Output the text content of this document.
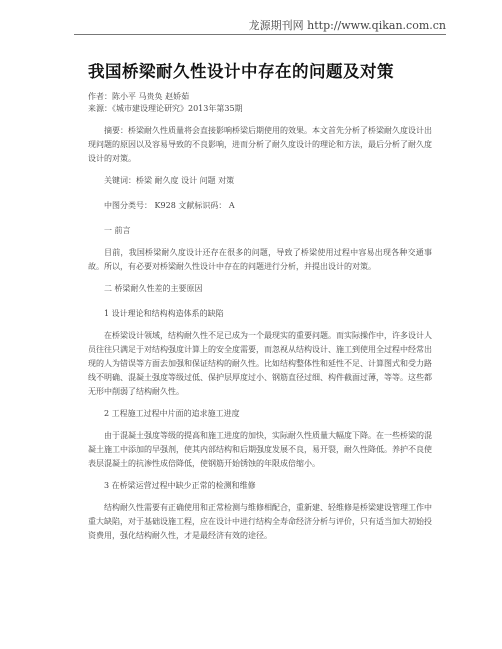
龙源期刊网 http://www.qikan.com.cn
我国桥梁耐久性设计中存在的问题及对策
作者：陈小平 马贵奂 赵娇茹
来源：《城市建设理论研究》2013年第35期

摘要：桥梁耐久性质量将会直接影响桥梁后期使用的效果。本文首先分析了桥梁耐久度设计出现问题的原因以及容易导致的不良影响，进而分析了耐久度设计的理论和方法，最后分析了耐久度设计的对策。

关键词：桥梁 耐久度 设计 问题 对策
中图分类号： K928 文献标识码： A
一 前言

目前，我国桥梁耐久度设计还存在很多的问题，导致了桥梁使用过程中容易出现各种交通事故。所以，有必要对桥梁耐久性设计中存在的问题进行分析，并提出设计的对策。

二 桥梁耐久性差的主要原因
1 设计理论和结构构造体系的缺陷

在桥梁设计领域，结构耐久性不足已成为一个最现实的重要问题。而实际操作中，许多设计人员往往只满足于对结构强度计算上的安全度需要，而忽视从结构设计、施工到使用全过程中经常出现的人为错误等方面去加强和保证结构的耐久性。比如结构整体性和延性不足、计算图式和受力路线不明确、混凝土强度等级过低、保护层厚度过小、钢筋直径过细、构件截面过薄，等等。这些都无形中削弱了结构耐久性。

2 工程施工过程中片面的追求施工进度

由于混凝土强度等级的提高和施工进度的加快，实际耐久性质量大幅度下降。在一些桥梁的混凝土施工中添加的早强剂，使其内部结构和后期强度发展不良，易开裂，耐久性降低。养护不良使表层混凝土的抗渗性成倍降低，使钢筋开始锈蚀的年限成倍缩小。

3 在桥梁运营过程中缺少正常的检测和维修

结构耐久性需要有正确使用和正常检测与维修相配合，重新建、轻维修是桥梁建设管理工作中重大缺陷，对于基础设施工程，应在设计中进行结构全寿命经济分析与评价，只有适当加大初始投资费用，强化结构耐久性，才是最经济有效的途径。
